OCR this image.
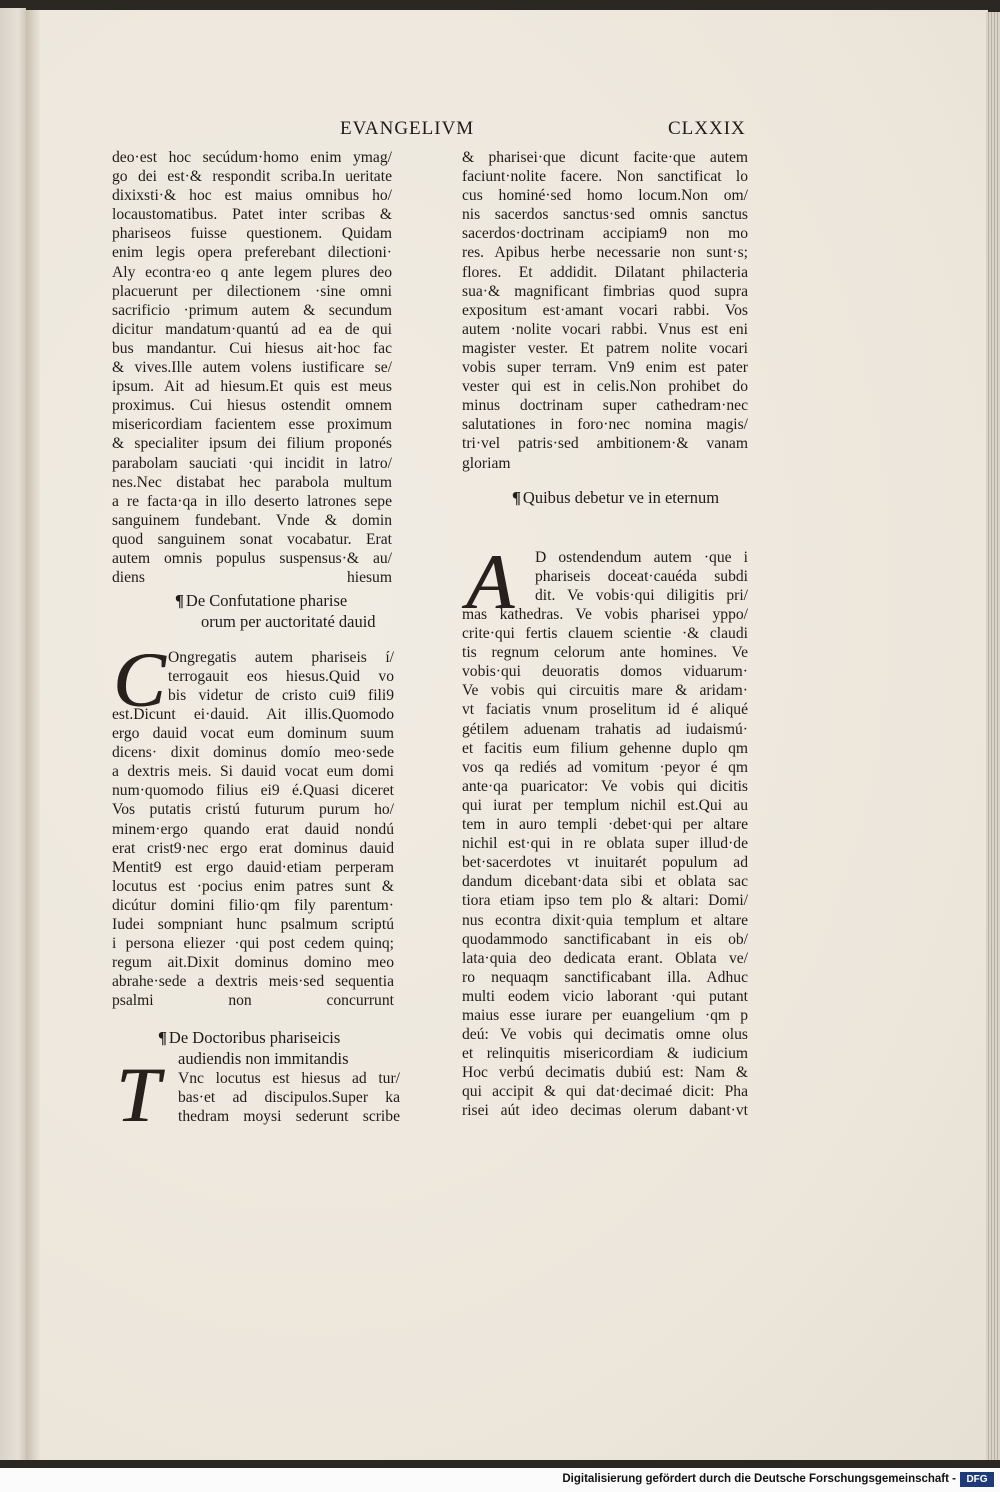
EVANGELIVM	CLXXIX
deo·est hoc secúdum·homo enim ymag/
go dei est·& respondit scriba.In ueritate
dixixsti·& hoc est maius omnibus ho/
locaustomatibus. Patet inter scribas &
phariseos fuisse questionem. Quidam
enim legis opera preferebant dilectioni·
Aly econtra·eo q ante legem plures deo
placuerunt per dilectionem ·sine omni
sacrificio ·primum autem & secundum
dicitur mandatum·quantú ad ea de qui
bus mandantur. Cui hiesus ait·hoc fac
& vives.Ille autem volens iustificare se/
ipsum. Ait ad hiesum.Et quis est meus
proximus. Cui hiesus ostendit omnem
misericordiam facientem esse proximum
& specialiter ipsum dei filium proponés
parabolam sauciati ·qui incidit in latro/
nes.Nec distabat hec parabola multum
a re facta·qa in illo deserto latrones sepe
sanguinem fundebant. Vnde & domin
quod sanguinem sonat vocabatur. Erat
autem omnis populus suspensus·& au/
diens hiesum
¶ De Confutatione pharise
orum per auctoritaté dauid
C Ongregatis autem phariseis í/
terrogauit eos hiesus.Quid vo
bis videtur de cristo cui9 fili9
est.Dicunt ei·dauid. Ait illis.Quomodo
ergo dauid vocat eum dominum suum
dicens· dixit dominus domío meo·sede
a dextris meis. Si dauid vocat eum domi
num·quomodo filius ei9 é.Quasi diceret
Vos putatis cristú futurum purum ho/
minem·ergo quando erat dauid nondú
erat crist9·nec ergo erat dominus dauid
Mentit9 est ergo dauid·etiam perperam
locutus est ·pocius enim patres sunt &
dicútur domini filio·qm fily parentum·
Iudei sompniant hunc psalmum scriptú
i persona eliezer ·qui post cedem quinq;
regum ait.Dixit dominus domino meo
abrahe·sede a dextris meis·sed sequentia
psalmi non concurrunt
¶ De Doctoribus phariseicis
audiendis non immitandis
T Vnc locutus est hiesus ad tur/
bas·et ad discipulos.Super ka
thedram moysi sederunt scribe
& pharisei·que dicunt facite·que autem
faciunt·nolite facere. Non sanctificat lo
cus hominé·sed homo locum.Non om/
nis sacerdos sanctus·sed omnis sanctus
sacerdos·doctrinam accipiam9 non mo
res. Apibus herbe necessarie non sunt·s;
flores. Et addidit. Dilatant philacteria
sua·& magnificant fimbrias quod supra
expositum est·amant vocari rabbi. Vos
autem ·nolite vocari rabbi. Vnus est eni
magister vester. Et patrem nolite vocari
vobis super terram. Vn9 enim est pater
vester qui est in celis.Non prohibet do
minus doctrinam super cathedram·nec
salutationes in foro·nec nomina magis/
tri·vel patris·sed ambitionem·& vanam
gloriam
¶ Quibus debetur ve in eternum
A D ostendendum autem ·que i
phariseis doceat·cauéda subdi
dit. Ve vobis·qui diligitis pri/
mas kathedras. Ve vobis pharisei yppo/
crite·qui fertis clauem scientie ·& claudi
tis regnum celorum ante homines. Ve
vobis·qui deuoratis domos viduarum·
Ve vobis qui circuitis mare & aridam·
vt faciatis vnum proselitum id é aliqué
gétilem aduenam trahatis ad iudaismú·
et facitis eum filium gehenne duplo qm
vos qa rediés ad vomitum ·peyor é qm
ante·qa puaricator: Ve vobis qui dicitis
qui iurat per templum nichil est.Qui au
tem in auro templi ·debet·qui per altare
nichil est·qui in re oblata super illud·de
bet·sacerdotes vt inuitarét populum ad
dandum dicebant·data sibi et oblata sac
tiora etiam ipso tem plo & altari: Domi/
nus econtra dixit·quia templum et altare
quodammodo sanctificabant in eis ob/
lata·quia deo dedicata erant. Oblata ve/
ro nequaqm sanctificabant illa. Adhuc
multi eodem vicio laborant ·qui putant
maius esse iurare per euangelium ·qm p
deú: Ve vobis qui decimatis omne olus
et relinquitis misericordiam & iudicium
Hoc verbú decimatis dubiú est: Nam &
qui accipit & qui dat·decimaé dicit: Pha
risei aút ideo decimas olerum dabant·vt
Digitalisierung gefördert durch die Deutsche Forschungsgemeinschaft -	DFG
